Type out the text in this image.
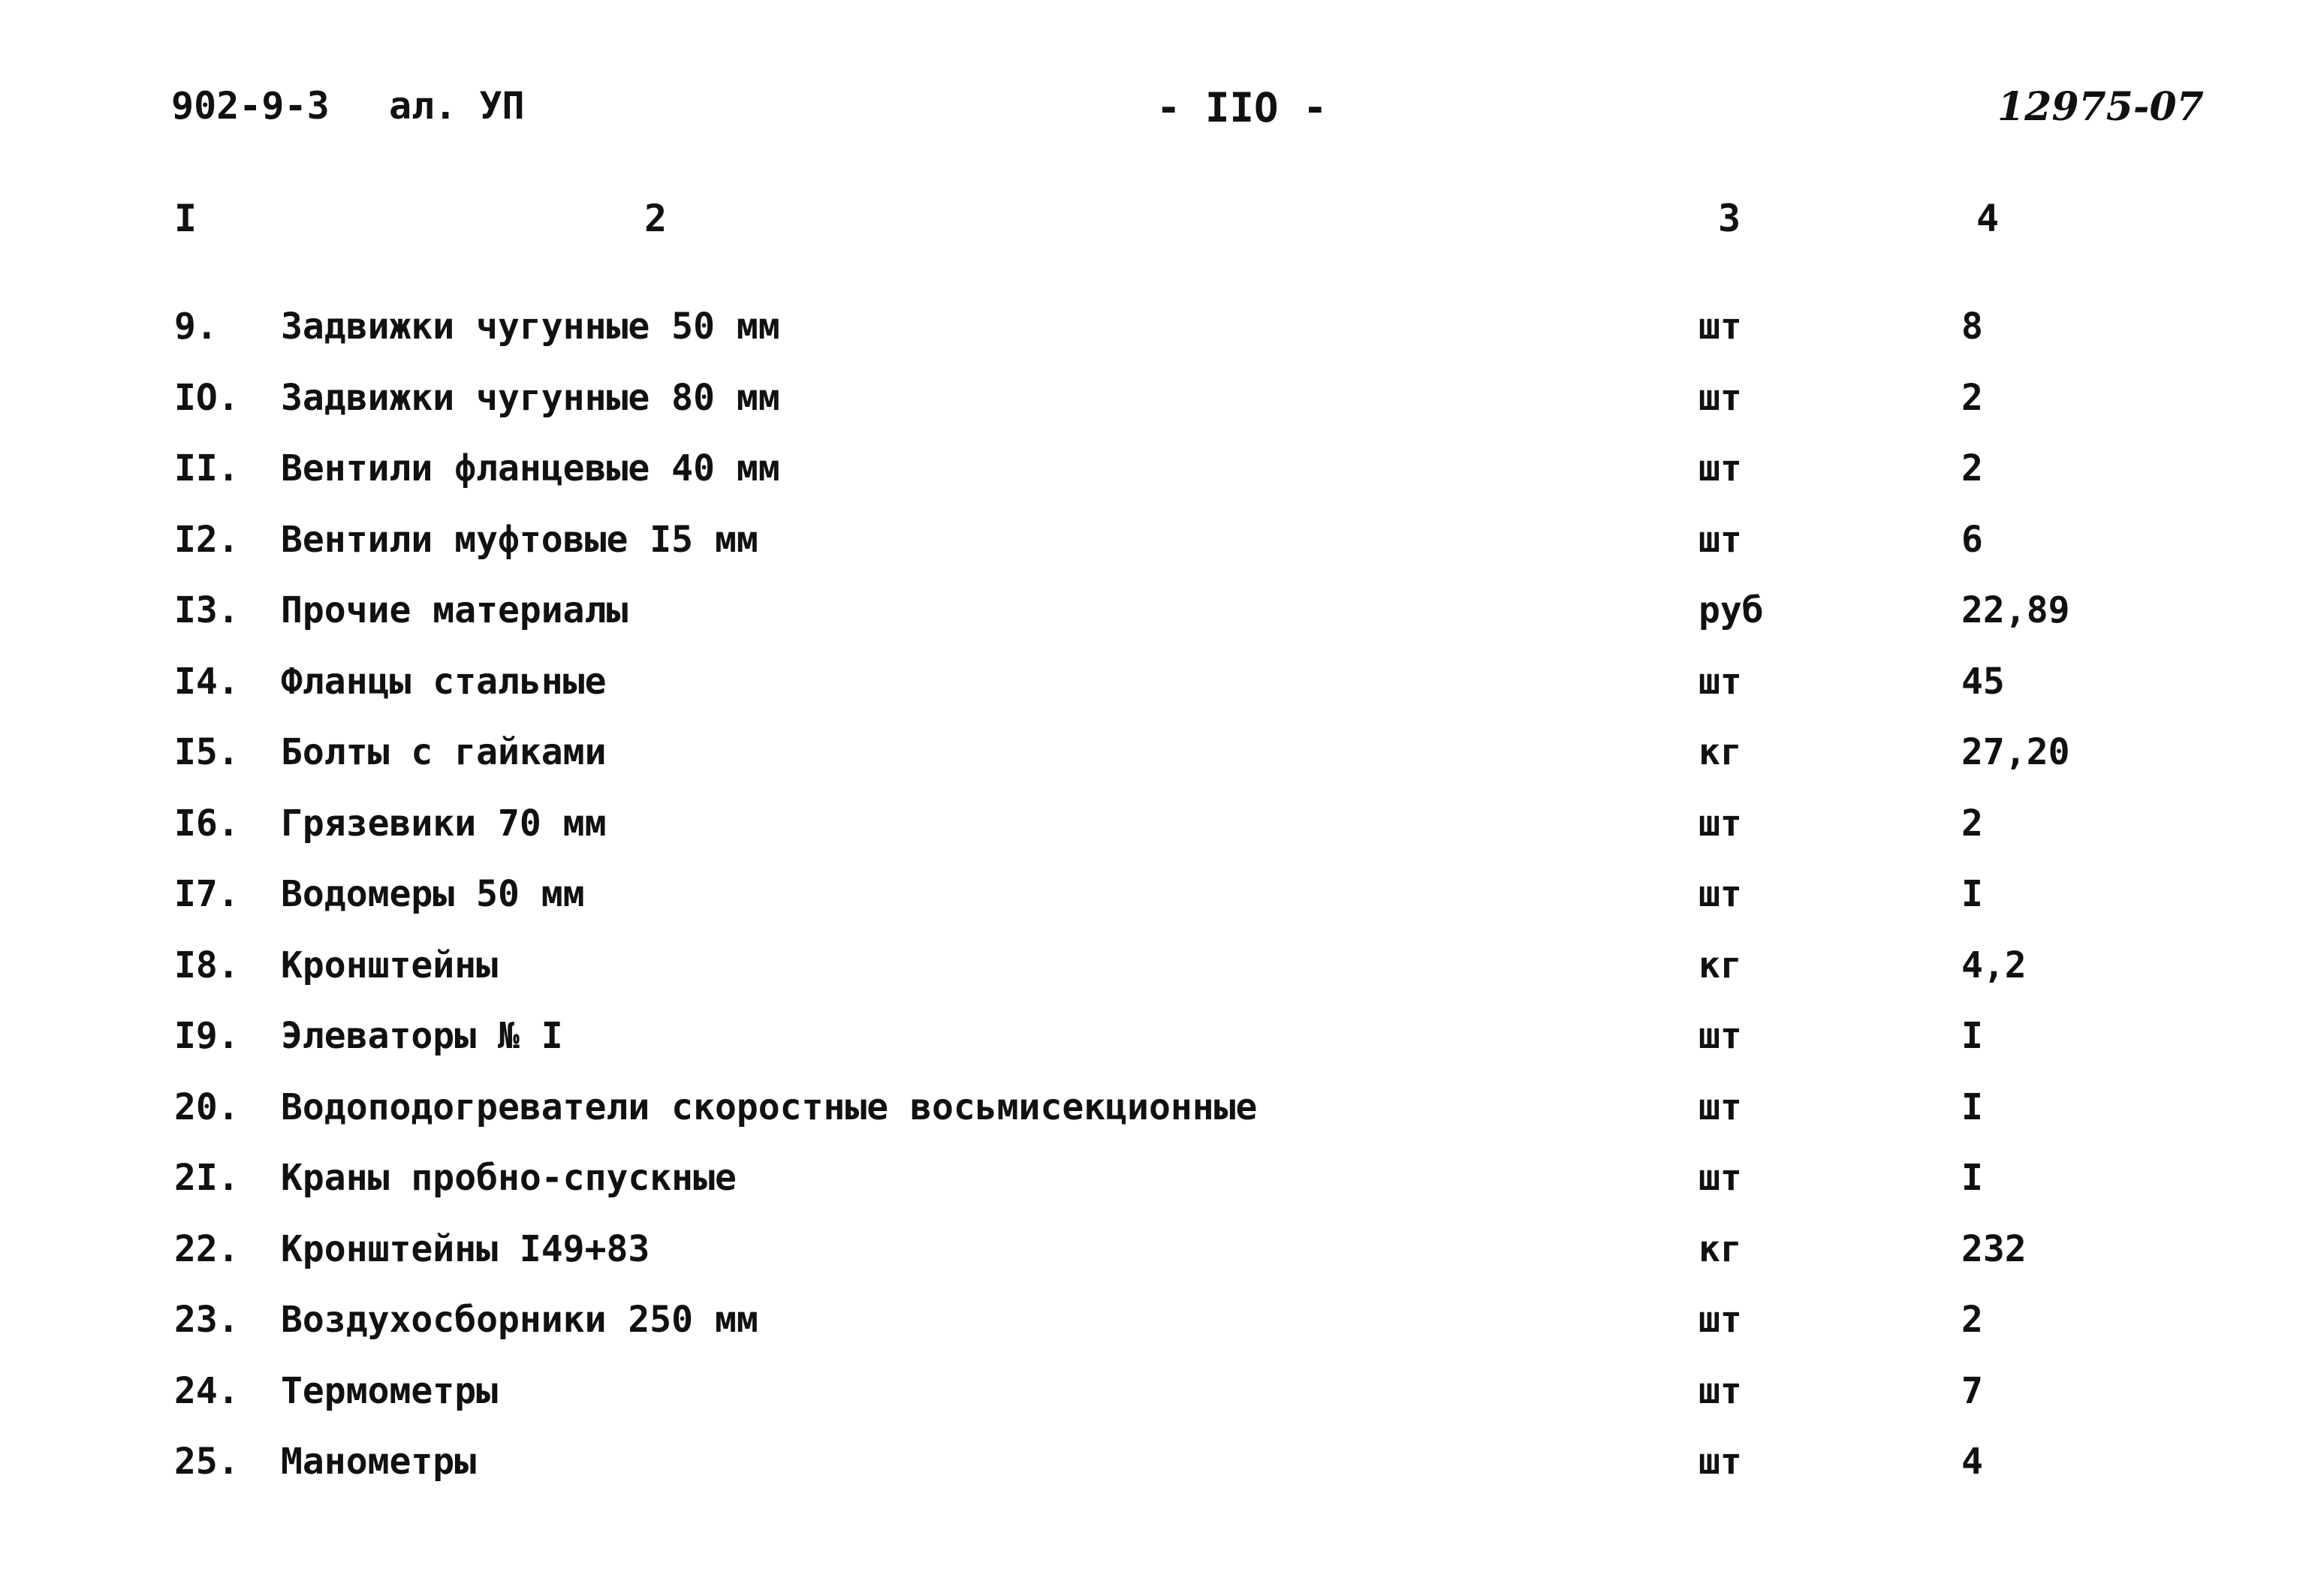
902-9-3 ал. УП	- IIO -	12975-07
I	2	3	4
9. Задвижки чугунные 50 мм	шт	8
IO. Задвижки чугунные 80 мм	шт	2
II. Вентили фланцевые 40 мм	шт	2
I2. Вентили муфтовые I5 мм	шт	6
I3. Прочие материалы	руб	22,89
I4. Фланцы стальные	шт	45
I5. Болты с гайками	кг	27,20
I6. Грязевики 70 мм	шт	2
I7. Водомеры 50 мм	шт	I
I8. Кронштейны	кг	4,2
I9. Элеваторы № I	шт	I
20. Водоподогреватели скоростные восьмисекционные	шт	I
2I. Краны пробно-спускные	шт	I
22. Кронштейны I49+83	кг	232
23. Воздухосборники 250 мм	шт	2
24. Термометры	шт	7
25. Манометры	шт	4
